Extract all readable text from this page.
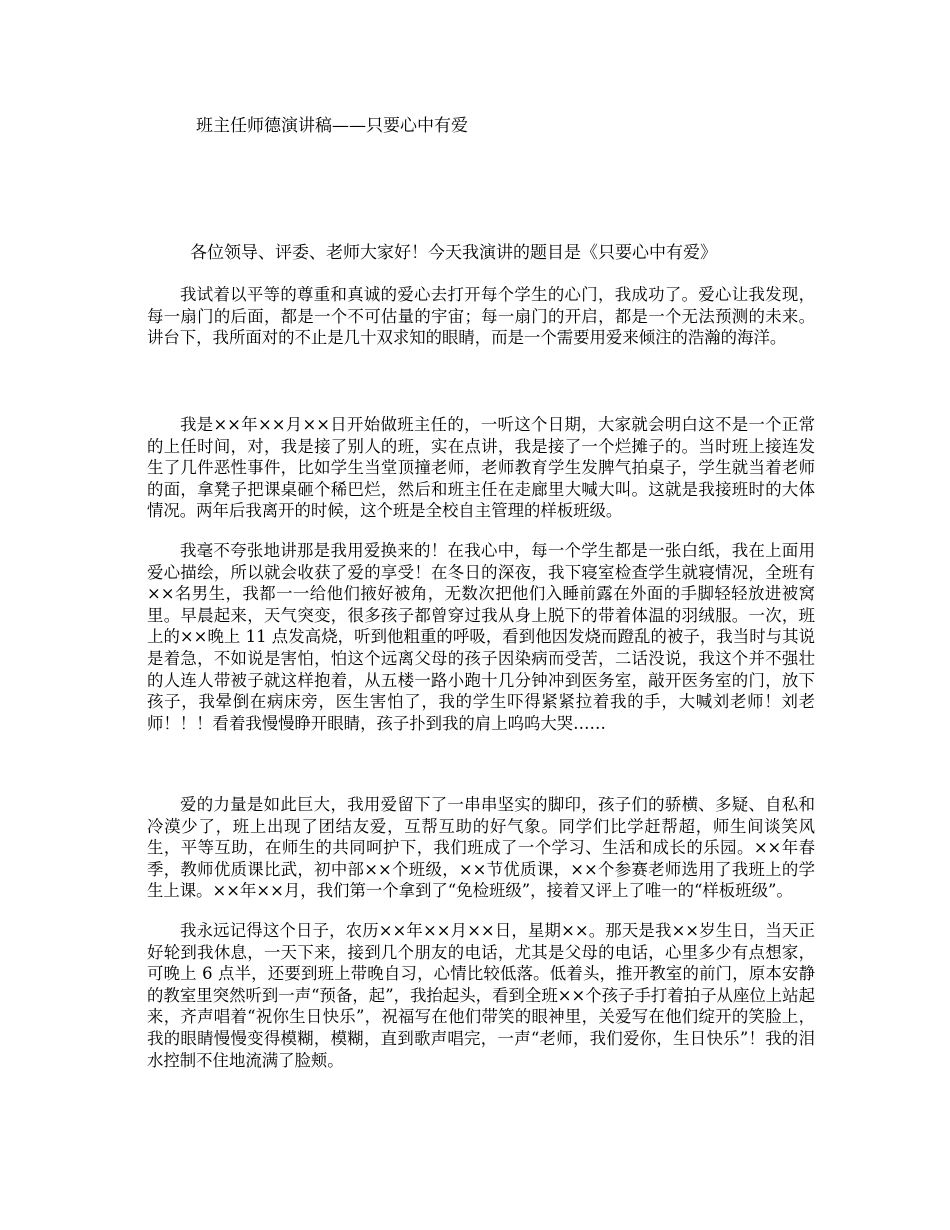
班主任师德演讲稿——只要心中有爱
各位领导、评委、老师大家好！今天我演讲的题目是《只要心中有爱》

我试着以平等的尊重和真诚的爱心去打开每个学生的心门，我成功了。爱心让我发现，每一扇门的后面，都是一个不可估量的宇宙；每一扇门的开启，都是一个无法预测的未来。讲台下，我所面对的不止是几十双求知的眼睛，而是一个需要用爱来倾注的浩瀚的海洋。

我是××年××月××日开始做班主任的，一听这个日期，大家就会明白这不是一个正常的上任时间，对，我是接了别人的班，实在点讲，我是接了一个烂摊子的。当时班上接连发生了几件恶性事件，比如学生当堂顶撞老师，老师教育学生发脾气拍桌子，学生就当着老师的面，拿凳子把课桌砸个稀巴烂，然后和班主任在走廊里大喊大叫。这就是我接班时的大体情况。两年后我离开的时候，这个班是全校自主管理的样板班级。

我毫不夸张地讲那是我用爱换来的！在我心中，每一个学生都是一张白纸，我在上面用爱心描绘，所以就会收获了爱的享受！在冬日的深夜，我下寝室检查学生就寝情况，全班有××名男生，我都一一给他们掖好被角，无数次把他们入睡前露在外面的手脚轻轻放进被窝里。早晨起来，天气突变，很多孩子都曾穿过我从身上脱下的带着体温的羽绒服。一次，班上的××晚上 11 点发高烧，听到他粗重的呼吸，看到他因发烧而蹬乱的被子，我当时与其说是着急，不如说是害怕，怕这个远离父母的孩子因染病而受苦，二话没说，我这个并不强壮的人连人带被子就这样抱着，从五楼一路小跑十几分钟冲到医务室，敲开医务室的门，放下孩子，我晕倒在病床旁，医生害怕了，我的学生吓得紧紧拉着我的手，大喊刘老师！刘老师！！！看着我慢慢睁开眼睛，孩子扑到我的肩上呜呜大哭……

爱的力量是如此巨大，我用爱留下了一串串坚实的脚印，孩子们的骄横、多疑、自私和冷漠少了，班上出现了团结友爱，互帮互助的好气象。同学们比学赶帮超，师生间谈笑风生，平等互助，在师生的共同呵护下，我们班成了一个学习、生活和成长的乐园。××年春季，教师优质课比武，初中部××个班级，××节优质课，××个参赛老师选用了我班上的学生上课。××年××月，我们第一个拿到了“免检班级”，接着又评上了唯一的“样板班级”。

我永远记得这个日子，农历××年××月××日，星期××。那天是我××岁生日，当天正好轮到我休息，一天下来，接到几个朋友的电话，尤其是父母的电话，心里多少有点想家，可晚上 6 点半，还要到班上带晚自习，心情比较低落。低着头，推开教室的前门，原本安静的教室里突然听到一声“预备，起”，我抬起头，看到全班××个孩子手打着拍子从座位上站起来，齐声唱着“祝你生日快乐”，祝福写在他们带笑的眼神里，关爱写在他们绽开的笑脸上，我的眼睛慢慢变得模糊，模糊，直到歌声唱完，一声“老师，我们爱你，生日快乐”！我的泪水控制不住地流满了脸颊。
